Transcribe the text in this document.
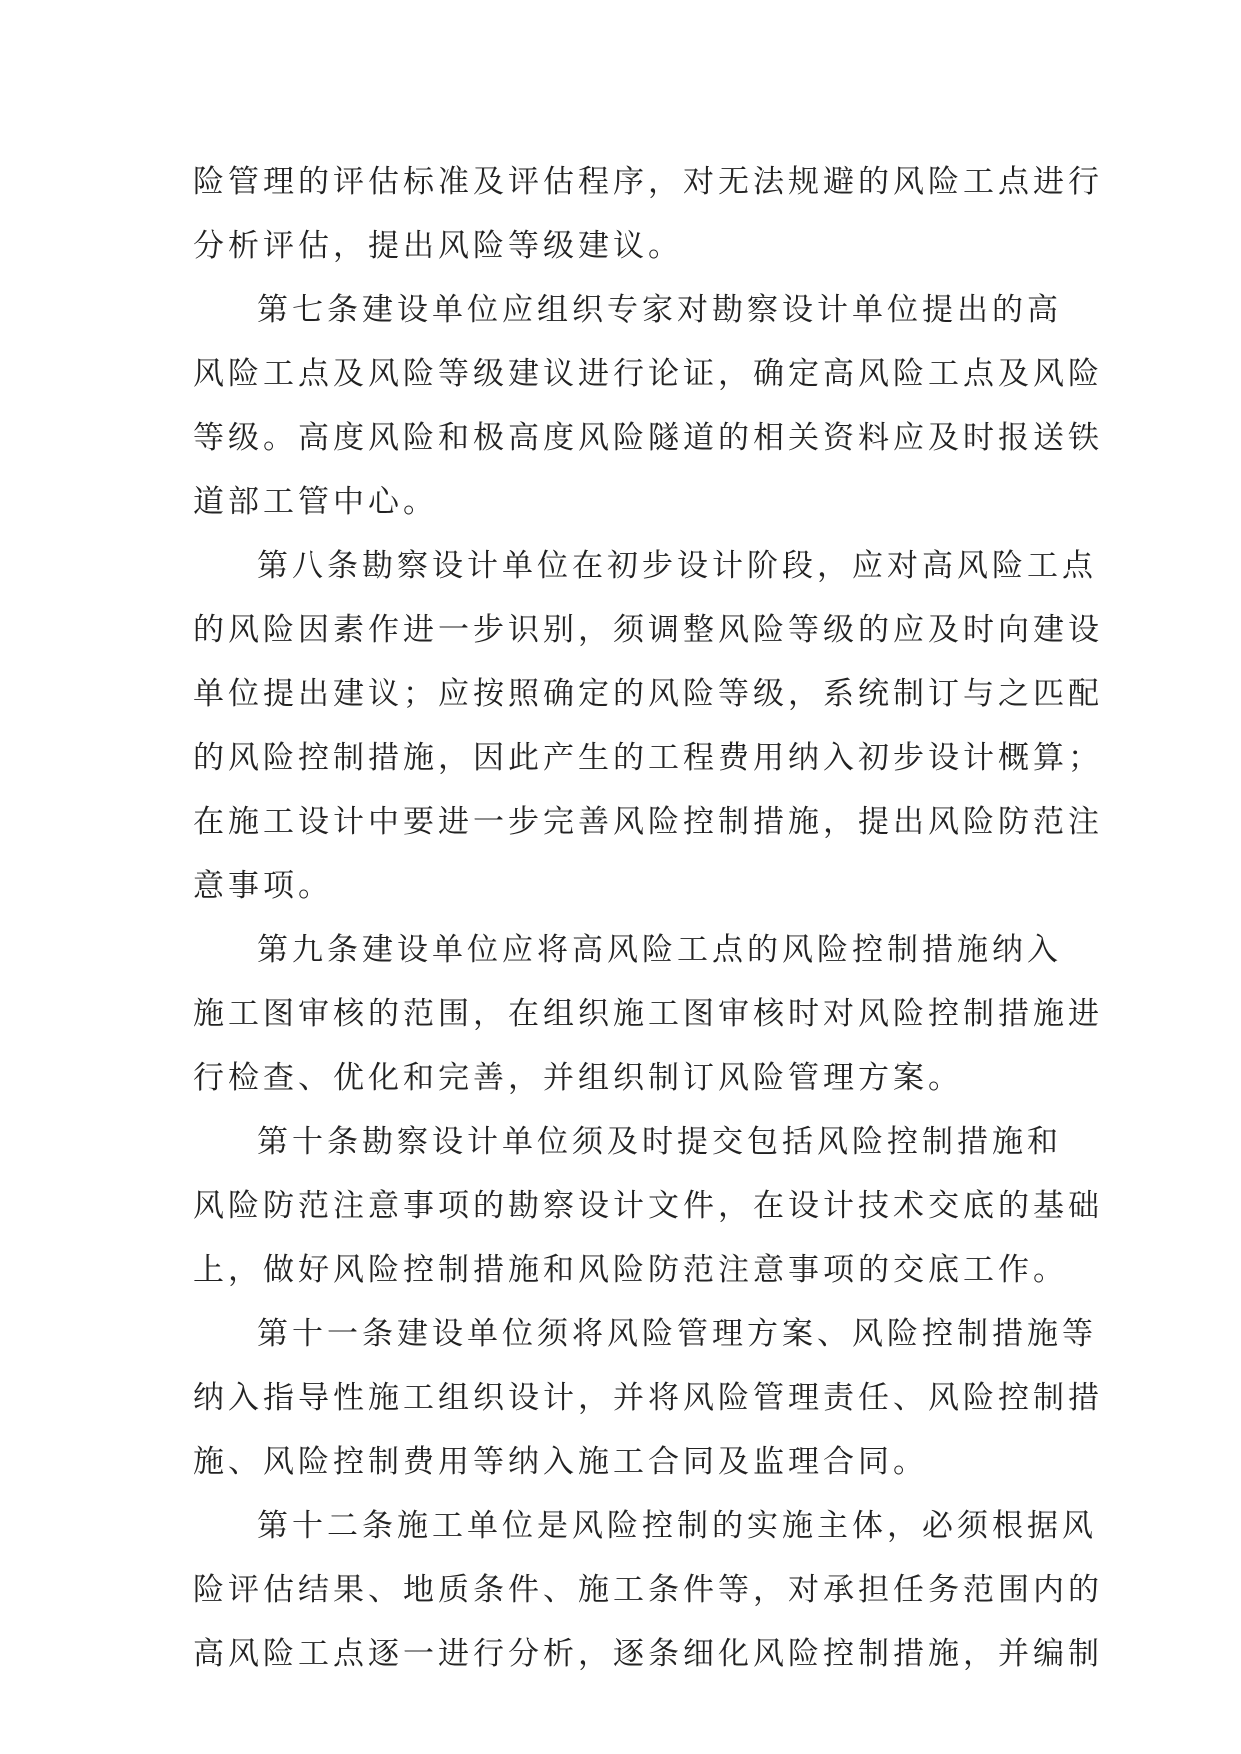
险管理的评估标准及评估程序，对无法规避的风险工点进行
分析评估，提出风险等级建议。
第七条建设单位应组织专家对勘察设计单位提出的高
风险工点及风险等级建议进行论证，确定高风险工点及风险
等级。高度风险和极高度风险隧道的相关资料应及时报送铁
道部工管中心。
第八条勘察设计单位在初步设计阶段，应对高风险工点
的风险因素作进一步识别，须调整风险等级的应及时向建设
单位提出建议；应按照确定的风险等级，系统制订与之匹配
的风险控制措施，因此产生的工程费用纳入初步设计概算；
在施工设计中要进一步完善风险控制措施，提出风险防范注
意事项。
第九条建设单位应将高风险工点的风险控制措施纳入
施工图审核的范围，在组织施工图审核时对风险控制措施进
行检查、优化和完善，并组织制订风险管理方案。
第十条勘察设计单位须及时提交包括风险控制措施和
风险防范注意事项的勘察设计文件，在设计技术交底的基础
上，做好风险控制措施和风险防范注意事项的交底工作。
第十一条建设单位须将风险管理方案、风险控制措施等
纳入指导性施工组织设计，并将风险管理责任、风险控制措
施、风险控制费用等纳入施工合同及监理合同。
第十二条施工单位是风险控制的实施主体，必须根据风
险评估结果、地质条件、施工条件等，对承担任务范围内的
高风险工点逐一进行分析，逐条细化风险控制措施，并编制
